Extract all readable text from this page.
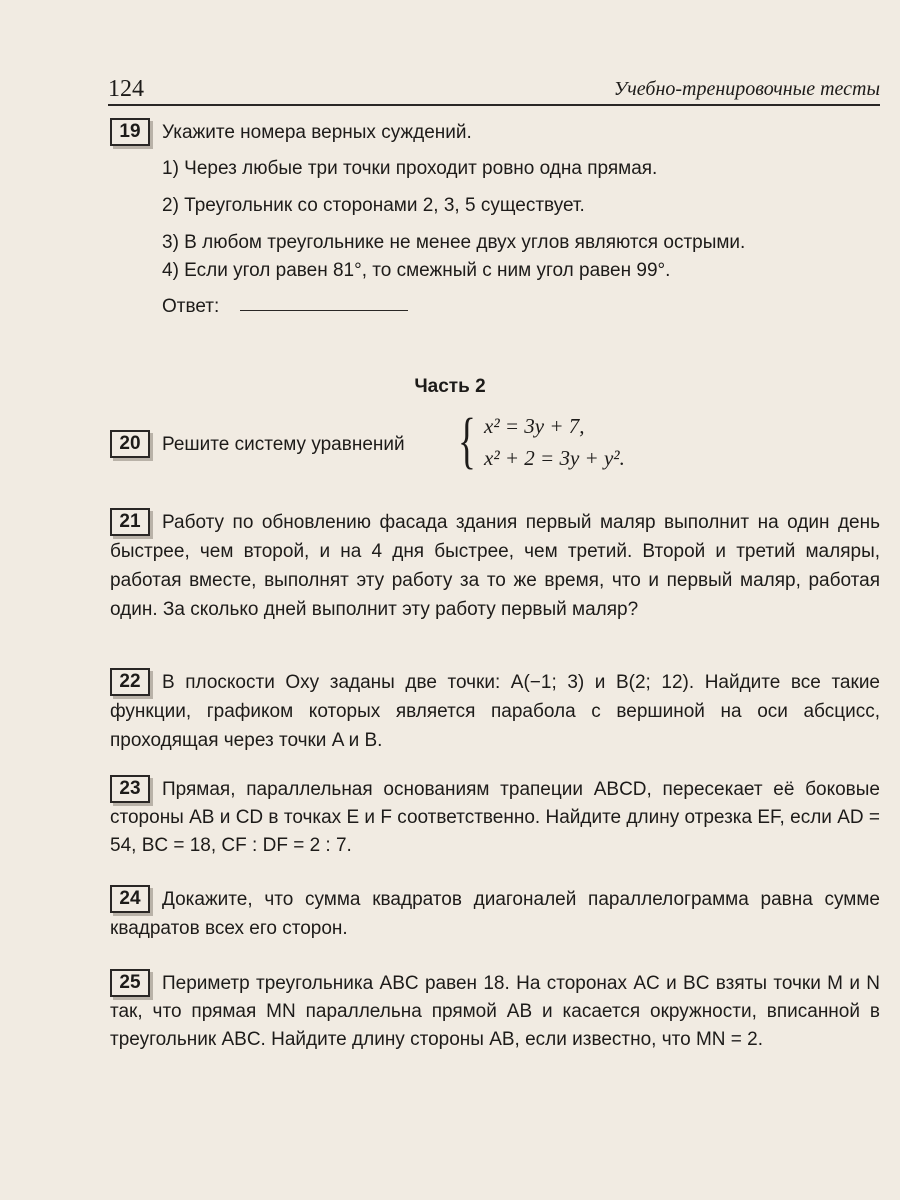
124	Учебно-тренировочные тесты
19 Укажите номера верных суждений.
1) Через любые три точки проходит ровно одна прямая.
2) Треугольник со сторонами 2, 3, 5 существует.
3) В любом треугольнике не менее двух углов являются острыми.
4) Если угол равен 81°, то смежный с ним угол равен 99°.
Ответ:
Часть 2
20 Решите систему уравнений { x² = 3y + 7,
x² + 2 = 3y + y².
21 Работу по обновлению фасада здания первый маляр выполнит на один день быстрее, чем второй, и на 4 дня быстрее, чем третий. Второй и третий маляры, работая вместе, выполнят эту работу за то же время, что и первый маляр, работая один. За сколько дней выполнит эту работу первый маляр?
22 В плоскости Oxy заданы две точки: A(−1; 3) и B(2; 12). Найдите все такие функции, графиком которых является парабола с вершиной на оси абсцисс, проходящая через точки A и B.
23 Прямая, параллельная основаниям трапеции ABCD, пересекает её боковые стороны AB и CD в точках E и F соответственно. Найдите длину отрезка EF, если AD = 54, BC = 18, CF : DF = 2 : 7.
24 Докажите, что сумма квадратов диагоналей параллелограмма равна сумме квадратов всех его сторон.
25 Периметр треугольника ABC равен 18. На сторонах AC и BC взяты точки M и N так, что прямая MN параллельна прямой AB и касается окружности, вписанной в треугольник ABC. Найдите длину стороны AB, если известно, что MN = 2.
